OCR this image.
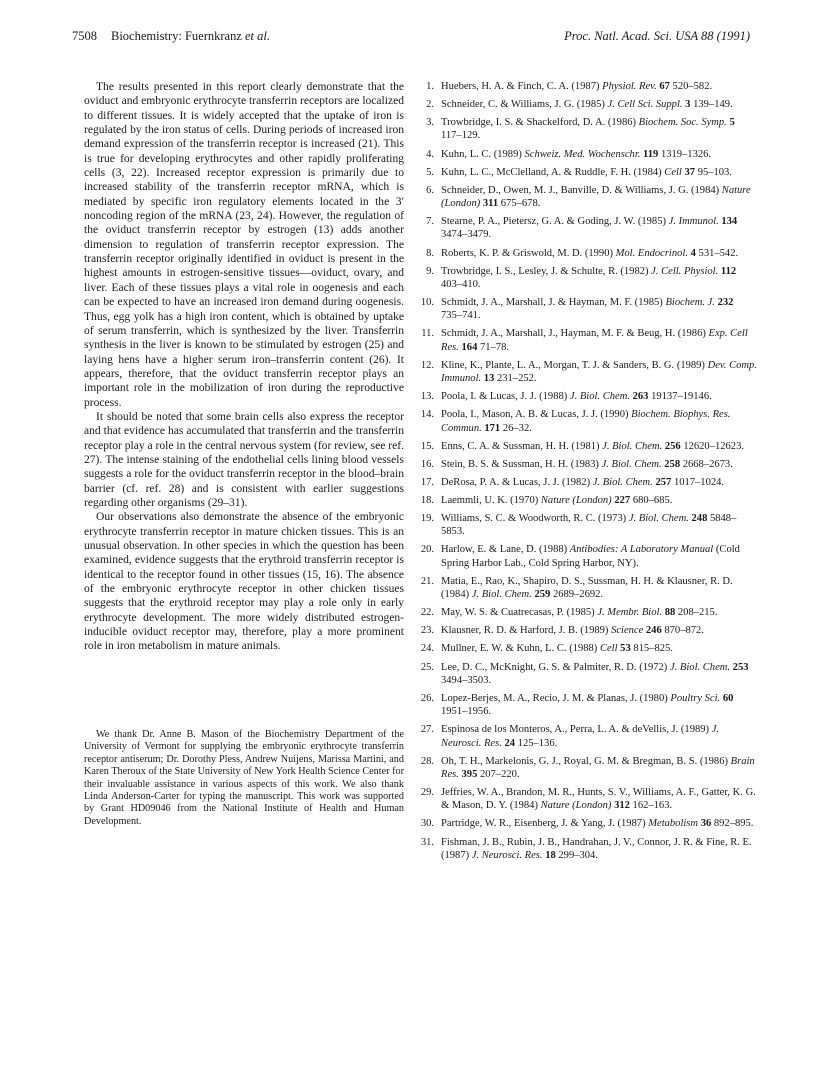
7508 Biochemistry: Fuernkranz et al.	Proc. Natl. Acad. Sci. USA 88 (1991)

The results presented in this report clearly demonstrate that the oviduct and embryonic erythrocyte transferrin receptors are localized to different tissues. It is widely accepted that the uptake of iron is regulated by the iron status of cells. During periods of increased iron demand expression of the transferrin receptor is increased (21). This is true for developing erythrocytes and other rapidly proliferating cells (3, 22). Increased receptor expression is primarily due to increased stability of the transferrin receptor mRNA, which is mediated by specific iron regulatory elements located in the 3′ noncoding region of the mRNA (23, 24). However, the regulation of the oviduct transferrin receptor by estrogen (13) adds another dimension to regulation of transferrin receptor expression. The transferrin receptor originally identified in oviduct is present in the highest amounts in estrogen-sensitive tissues—oviduct, ovary, and liver. Each of these tissues plays a vital role in oogenesis and each can be expected to have an increased iron demand during oogenesis. Thus, egg yolk has a high iron content, which is obtained by uptake of serum transferrin, which is synthesized by the liver. Transferrin synthesis in the liver is known to be stimulated by estrogen (25) and laying hens have a higher serum iron–transferrin content (26). It appears, therefore, that the oviduct transferrin receptor plays an important role in the mobilization of iron during the reproductive process.

It should be noted that some brain cells also express the receptor and that evidence has accumulated that transferrin and the transferrin receptor play a role in the central nervous system (for review, see ref. 27). The intense staining of the endothelial cells lining blood vessels suggests a role for the oviduct transferrin receptor in the blood–brain barrier (cf. ref. 28) and is consistent with earlier suggestions regarding other organisms (29–31).

Our observations also demonstrate the absence of the embryonic erythrocyte transferrin receptor in mature chicken tissues. This is an unusual observation. In other species in which the question has been examined, evidence suggests that the erythroid transferrin receptor is identical to the receptor found in other tissues (15, 16). The absence of the embryonic erythrocyte receptor in other chicken tissues suggests that the erythroid receptor may play a role only in early erythrocyte development. The more widely distributed estrogen-inducible oviduct receptor may, therefore, play a more prominent role in iron metabolism in mature animals.

We thank Dr. Anne B. Mason of the Biochemistry Department of the University of Vermont for supplying the embryonic erythrocyte transferrin receptor antiserum; Dr. Dorothy Pless, Andrew Nuijens, Marissa Martini, and Karen Theroux of the State University of New York Health Science Center for their invaluable assistance in various aspects of this work. We also thank Linda Anderson-Carter for typing the manuscript. This work was supported by Grant HD09046 from the National Institute of Health and Human Development.

1. Huebers, H. A. & Finch, C. A. (1987) Physiol. Rev. 67 520–582.
2. Schneider, C. & Williams, J. G. (1985) J. Cell Sci. Suppl. 3 139–149.
3. Trowbridge, I. S. & Shackelford, D. A. (1986) Biochem. Soc. Symp. 5 117–129.
4. Kuhn, L. C. (1989) Schweiz. Med. Wochenschr. 119 1319–1326.
5. Kuhn, L. C., McClelland, A. & Ruddle, F. H. (1984) Cell 37 95–103.
6. Schneider, D., Owen, M. J., Banville, D. & Williams, J. G. (1984) Nature (London) 311 675–678.
7. Stearne, P. A., Pietersz, G. A. & Goding, J. W. (1985) J. Immunol. 134 3474–3479.
8. Roberts, K. P. & Griswold, M. D. (1990) Mol. Endocrinol. 4 531–542.
9. Trowbridge, I. S., Lesley, J. & Schulte, R. (1982) J. Cell. Physiol. 112 403–410.
10. Schmidt, J. A., Marshall, J. & Hayman, M. F. (1985) Biochem. J. 232 735–741.
11. Schmidt, J. A., Marshall, J., Hayman, M. F. & Beug, H. (1986) Exp. Cell Res. 164 71–78.
12. Kline, K., Plante, L. A., Morgan, T. J. & Sanders, B. G. (1989) Dev. Comp. Immunol. 13 231–252.
13. Poola, I. & Lucas, J. J. (1988) J. Biol. Chem. 263 19137–19146.
14. Poola, I., Mason, A. B. & Lucas, J. J. (1990) Biochem. Biophys. Res. Commun. 171 26–32.
15. Enns, C. A. & Sussman, H. H. (1981) J. Biol. Chem. 256 12620–12623.
16. Stein, B. S. & Sussman, H. H. (1983) J. Biol. Chem. 258 2668–2673.
17. DeRosa, P. A. & Lucas, J. J. (1982) J. Biol. Chem. 257 1017–1024.
18. Laemmli, U. K. (1970) Nature (London) 227 680–685.
19. Williams, S. C. & Woodworth, R. C. (1973) J. Biol. Chem. 248 5848–5853.
20. Harlow, E. & Lane, D. (1988) Antibodies: A Laboratory Manual (Cold Spring Harbor Lab., Cold Spring Harbor, NY).
21. Matia, E., Rao, K., Shapiro, D. S., Sussman, H. H. & Klausner, R. D. (1984) J. Biol. Chem. 259 2689–2692.
22. May, W. S. & Cuatrecasas, P. (1985) J. Membr. Biol. 88 208–215.
23. Klausner, R. D. & Harford, J. B. (1989) Science 246 870–872.
24. Mullner, E. W. & Kuhn, L. C. (1988) Cell 53 815–825.
25. Lee, D. C., McKnight, G. S. & Palmiter, R. D. (1972) J. Biol. Chem. 253 3494–3503.
26. Lopez-Berjes, M. A., Recio, J. M. & Planas, J. (1980) Poultry Sci. 60 1951–1956.
27. Espinosa de los Monteros, A., Perra, L. A. & deVellis, J. (1989) J. Neurosci. Res. 24 125–136.
28. Oh, T. H., Markelonis, G. J., Royal, G. M. & Bregman, B. S. (1986) Brain Res. 395 207–220.
29. Jeffries, W. A., Brandon, M. R., Hunts, S. V., Williams, A. F., Gatter, K. G. & Mason, D. Y. (1984) Nature (London) 312 162–163.
30. Partridge, W. R., Eisenberg, J. & Yang, J. (1987) Metabolism 36 892–895.
31. Fishman, J. B., Rubin, J. B., Handrahan, J. V., Connor, J. R. & Fine, R. E. (1987) J. Neurosci. Res. 18 299–304.
